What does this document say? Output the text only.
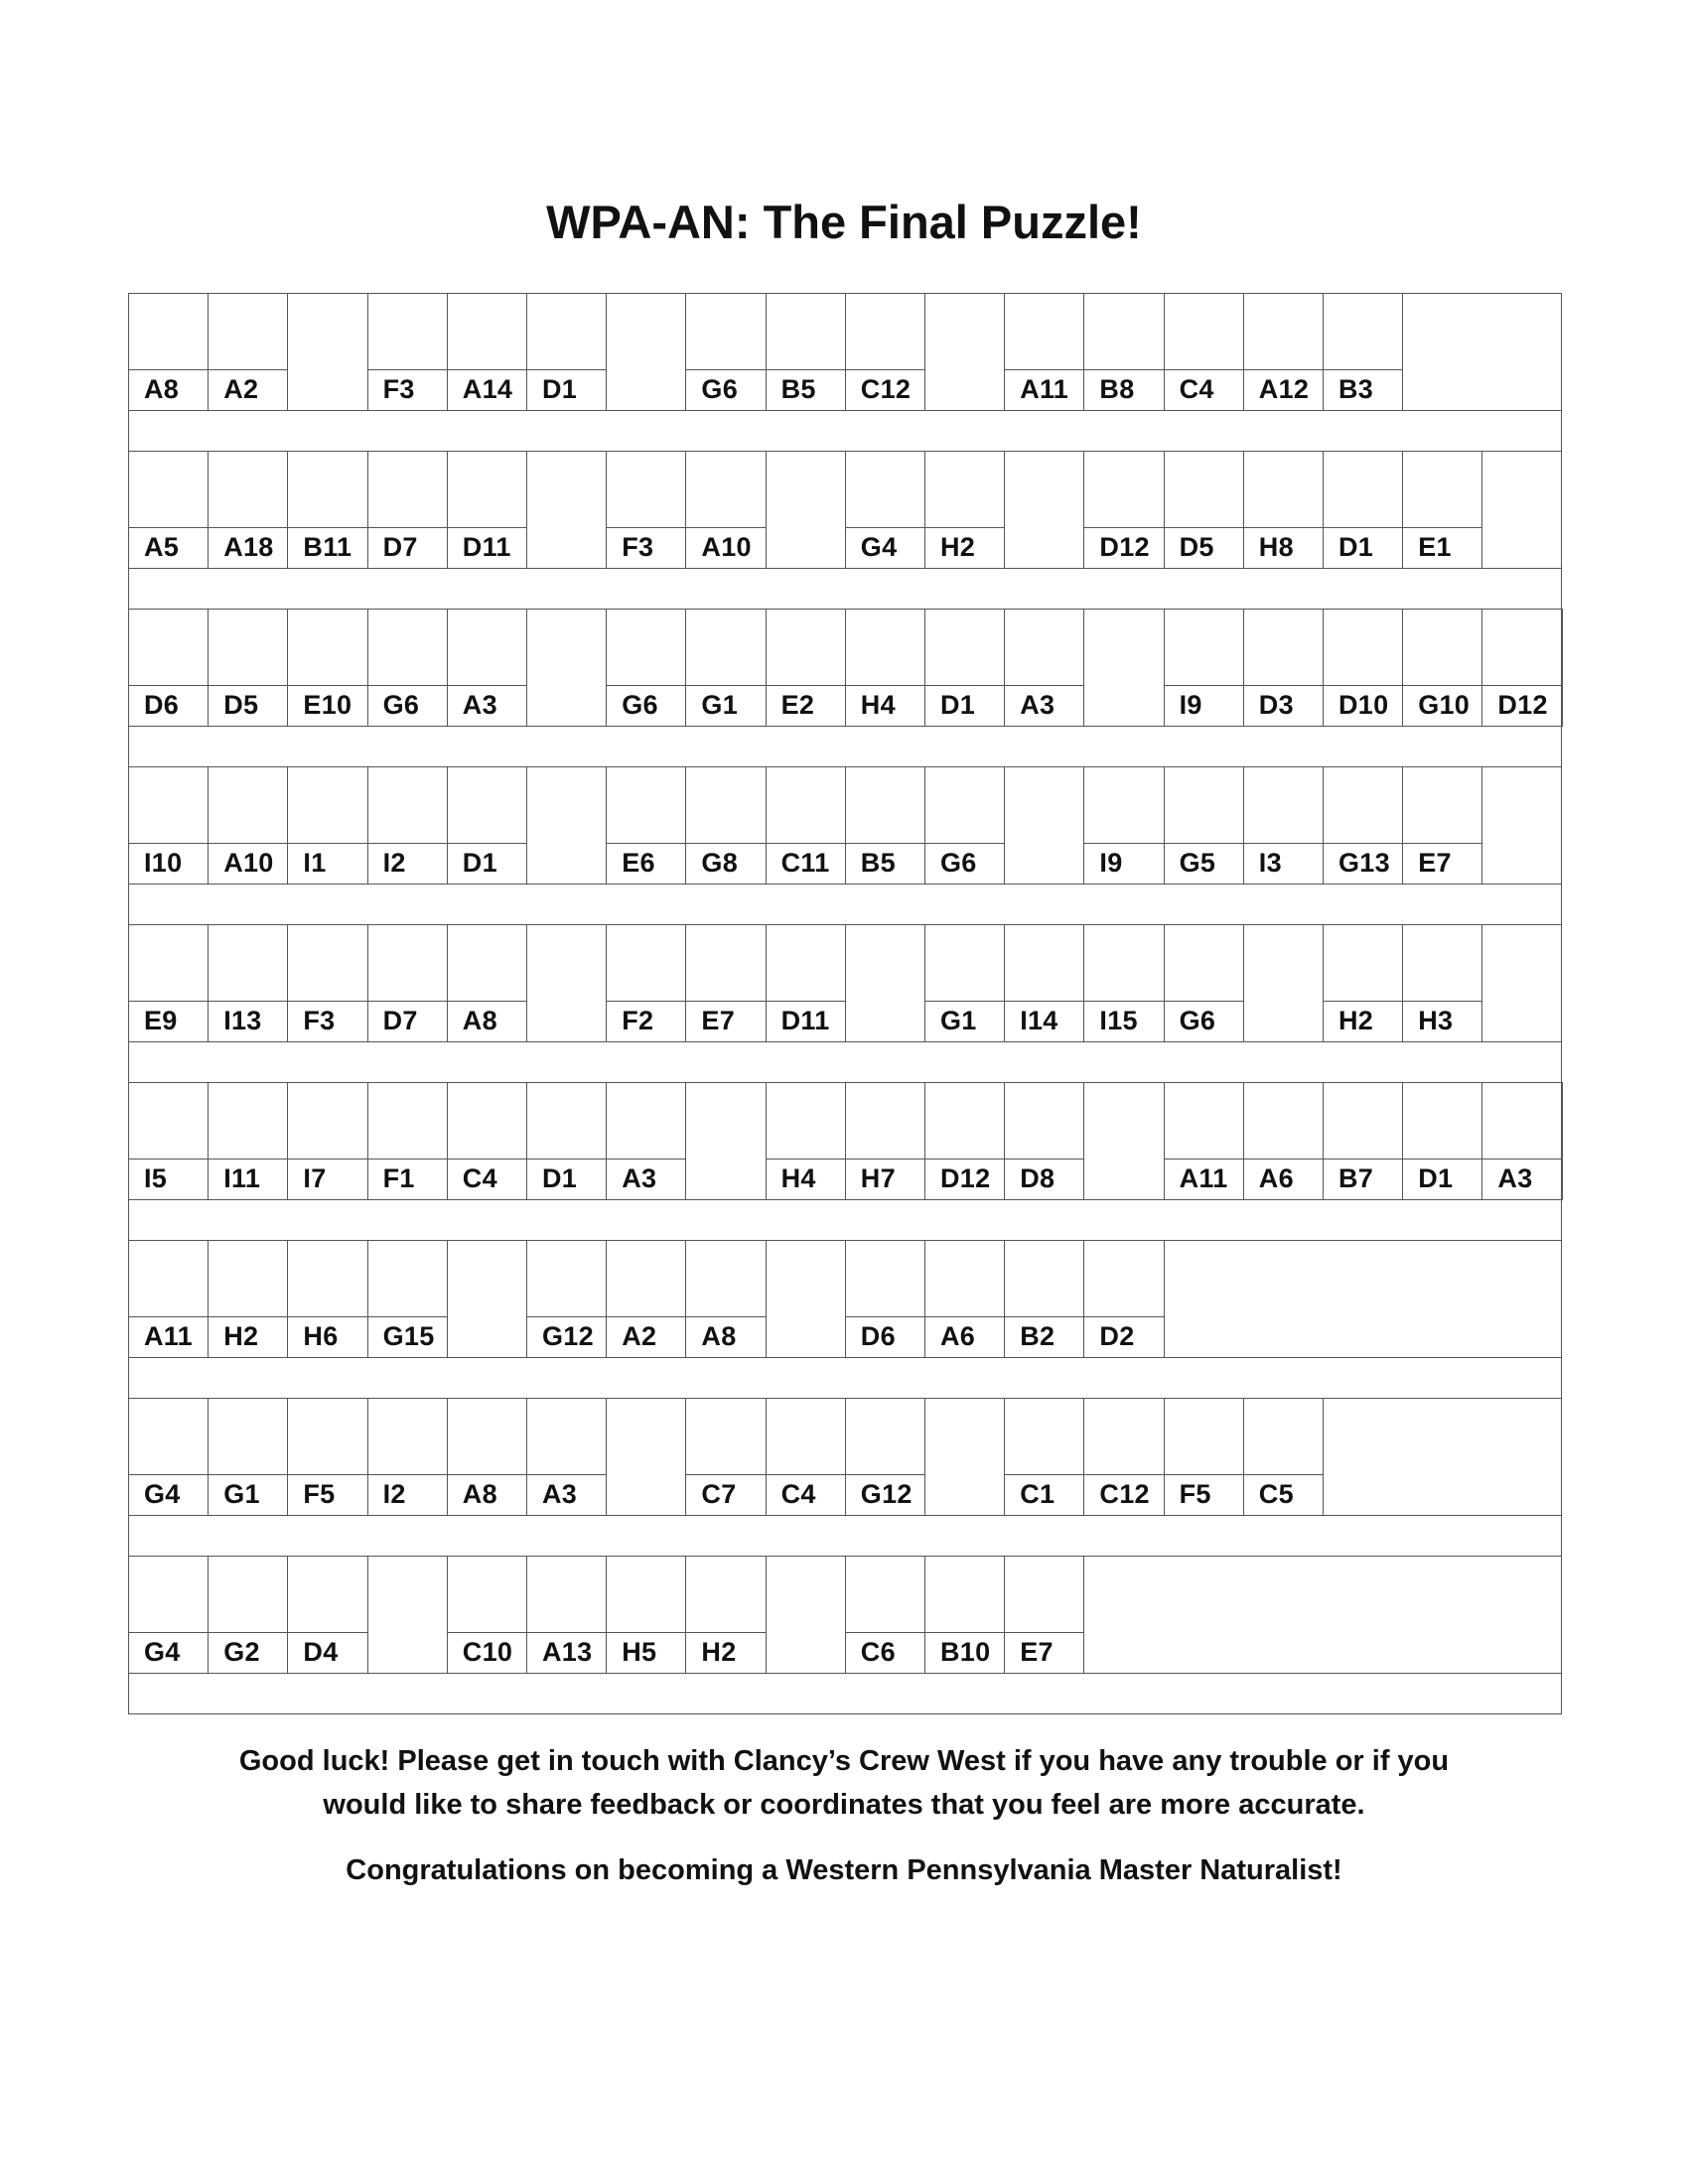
WPA-AN: The Final Puzzle!
A8 A2	F3 A14 D1	G6 B5 C12	A11 B8 C4 A12 B3
A5 A18 B11 D7 D11	F3 A10	G4 H2	D12 D5 H8 D1 E1
D6 D5 E10 G6 A3	G6 G1 E2 H4 D1 A3	I9 D3 D10 G10 D12
I10 A10 I1 I2 D1	E6 G8 C11 B5 G6	I9 G5 I3 G13 E7
E9 I13 F3 D7 A8	F2 E7 D11	G1 I14 I15 G6	H2 H3
I5 I11 I7 F1 C4 D1 A3	H4 H7 D12 D8	A11 A6 B7 D1 A3
A11 H2 H6 G15	G12 A2 A8	D6 A6 B2 D2
G4 G1 F5 I2 A8 A3	C7 C4 G12	C1 C12 F5 C5
G4 G2 D4	C10 A13 H5 H2	C6 B10 E7

Good luck! Please get in touch with Clancy’s Crew West if you have any trouble or if you

would like to share feedback or coordinates that you feel are more accurate.

Congratulations on becoming a Western Pennsylvania Master Naturalist!
